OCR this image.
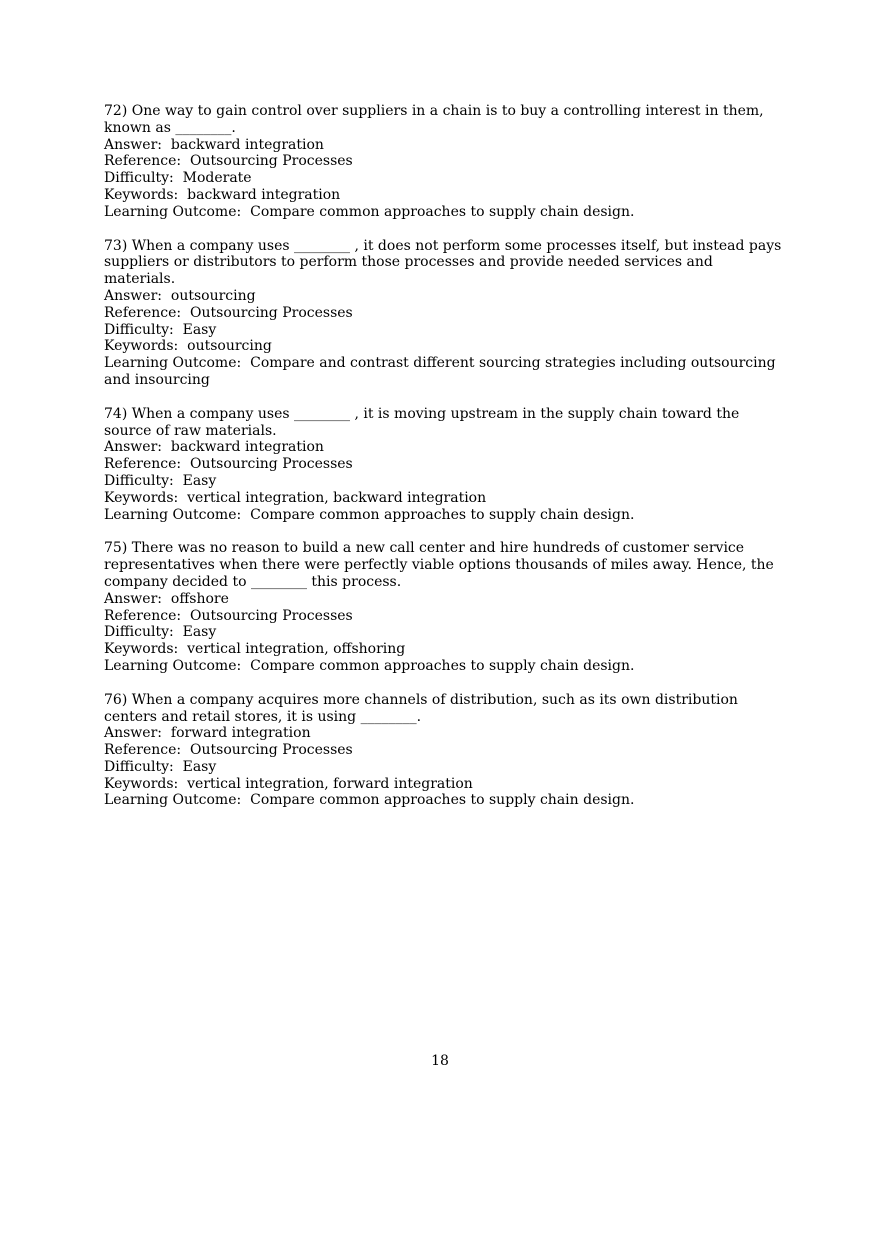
72) One way to gain control over suppliers in a chain is to buy a controlling interest in them, known as ________.

Answer:  backward integration

Reference:  Outsourcing Processes

Difficulty:  Moderate

Keywords:  backward integration

Learning Outcome:  Compare common approaches to supply chain design.

73) When a company uses ________ , it does not perform some processes itself, but instead pays suppliers or distributors to perform those processes and provide needed services and materials.

Answer:  outsourcing

Reference:  Outsourcing Processes

Difficulty:  Easy

Keywords:  outsourcing

Learning Outcome:  Compare and contrast different sourcing strategies including outsourcing and insourcing

74) When a company uses ________ , it is moving upstream in the supply chain toward the source of raw materials.

Answer:  backward integration

Reference:  Outsourcing Processes

Difficulty:  Easy

Keywords:  vertical integration, backward integration

Learning Outcome:  Compare common approaches to supply chain design.

75) There was no reason to build a new call center and hire hundreds of customer service representatives when there were perfectly viable options thousands of miles away. Hence, the company decided to ________ this process.

Answer:  offshore

Reference:  Outsourcing Processes

Difficulty:  Easy

Keywords:  vertical integration, offshoring

Learning Outcome:  Compare common approaches to supply chain design.

76) When a company acquires more channels of distribution, such as its own distribution centers and retail stores, it is using ________.

Answer:  forward integration

Reference:  Outsourcing Processes

Difficulty:  Easy

Keywords:  vertical integration, forward integration

Learning Outcome:  Compare common approaches to supply chain design.

18
